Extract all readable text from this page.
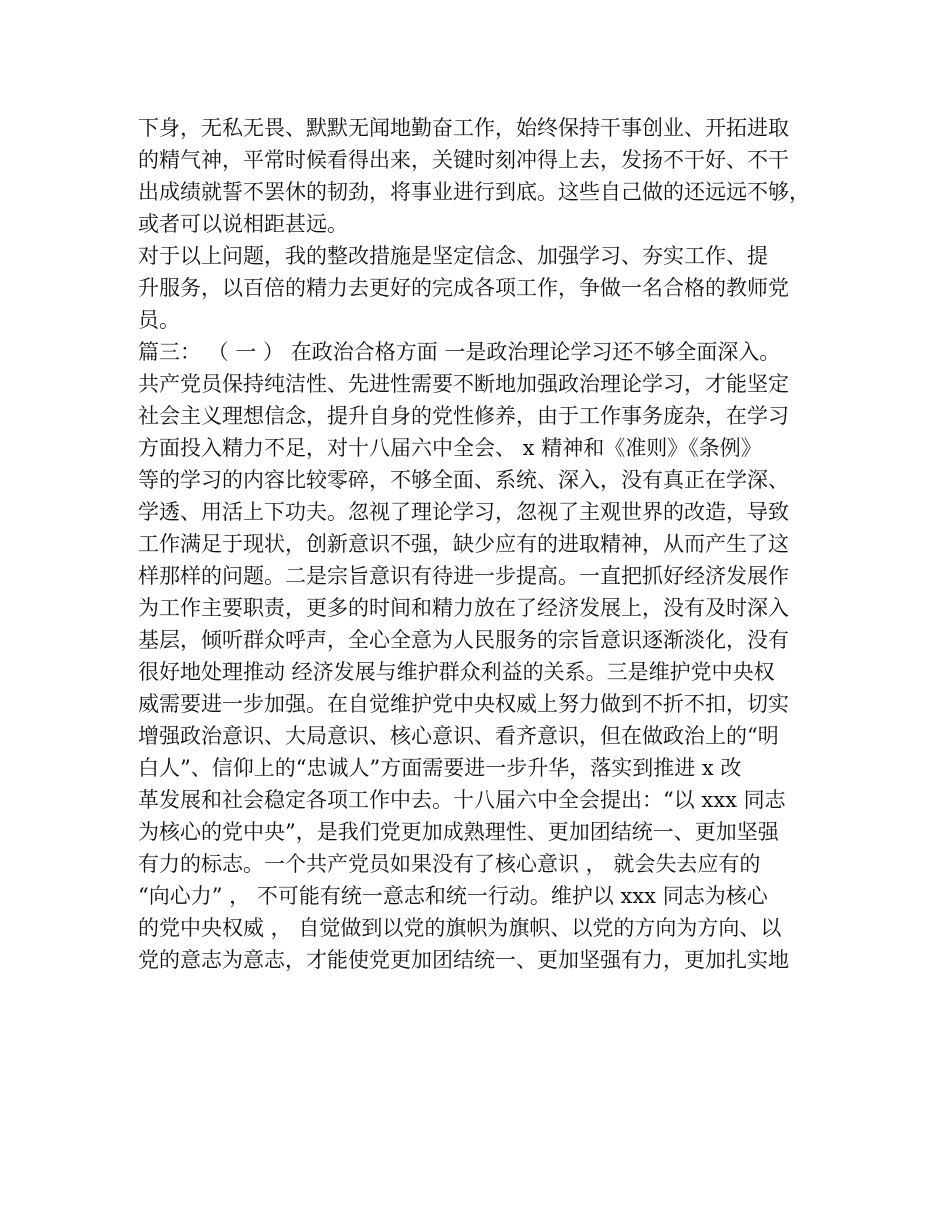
下身，无私无畏、默默无闻地勤奋工作，始终保持干事创业、开拓进取
的精气神，平常时候看得出来，关键时刻冲得上去，发扬不干好、不干
出成绩就誓不罢休的韧劲，将事业进行到底。这些自己做的还远远不够，
或者可以说相距甚远。
对于以上问题，我的整改措施是坚定信念、加强学习、夯实工作、提
升服务，以百倍的精力去更好的完成各项工作，争做一名合格的教师党
员。
篇三： （ 一 ） 在政治合格方面 一是政治理论学习还不够全面深入。
共产党员保持纯洁性、先进性需要不断地加强政治理论学习，才能坚定
社会主义理想信念，提升自身的党性修养，由于工作事务庞杂，在学习
方面投入精力不足，对十八届六中全会、 x 精神和《准则》《条例》
等的学习的内容比较零碎，不够全面、系统、深入，没有真正在学深、
学透、用活上下功夫。忽视了理论学习，忽视了主观世界的改造，导致
工作满足于现状，创新意识不强，缺少应有的进取精神，从而产生了这
样那样的问题。二是宗旨意识有待进一步提高。一直把抓好经济发展作
为工作主要职责，更多的时间和精力放在了经济发展上，没有及时深入
基层，倾听群众呼声，全心全意为人民服务的宗旨意识逐渐淡化，没有
很好地处理推动 经济发展与维护群众利益的关系。三是维护党中央权
威需要进一步加强。在自觉维护党中央权威上努力做到不折不扣，切实
增强政治意识、大局意识、核心意识、看齐意识，但在做政治上的“明
白人”、信仰上的“忠诚人”方面需要进一步升华，落实到推进 x 改
革发展和社会稳定各项工作中去。十八届六中全会提出：“以 xxx 同志
为核心的党中央”，是我们党更加成熟理性、更加团结统一、更加坚强
有力的标志。一个共产党员如果没有了核心意识 ， 就会失去应有的
“向心力” ， 不可能有统一意志和统一行动。维护以 xxx 同志为核心
的党中央权威 ， 自觉做到以党的旗帜为旗帜、以党的方向为方向、以
党的意志为意志，才能使党更加团结统一、更加坚强有力，更加扎实地
